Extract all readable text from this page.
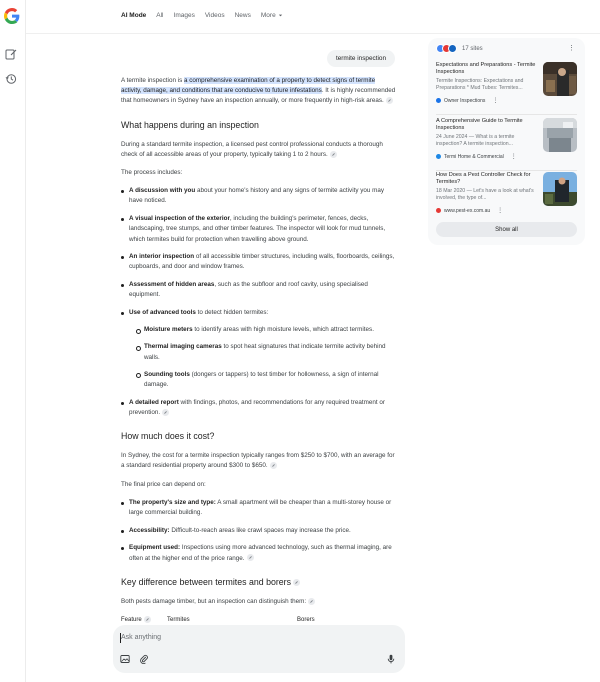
AI Mode All Images Videos News More
termite inspection

A termite inspection is a comprehensive examination of a property to detect signs of termite activity, damage, and conditions that are conducive to future infestations. It is highly recommended that homeowners in Sydney have an inspection annually, or more frequently in high-risk areas.

What happens during an inspection

During a standard termite inspection, a licensed pest control professional conducts a thorough check of all accessible areas of your property, typically taking 1 to 2 hours.

The process includes:

A discussion with you about your home's history and any signs of termite activity you may have noticed.
A visual inspection of the exterior, including the building's perimeter, fences, decks, landscaping, tree stumps, and other timber features. The inspector will look for mud tunnels, which termites build for protection when travelling above ground.
An interior inspection of all accessible timber structures, including walls, floorboards, ceilings, cupboards, and door and window frames.
Assessment of hidden areas, such as the subfloor and roof cavity, using specialised equipment.
Use of advanced tools to detect hidden termites:
Moisture meters to identify areas with high moisture levels, which attract termites.
Thermal imaging cameras to spot heat signatures that indicate termite activity behind walls.
Sounding tools (dongers or tappers) to test timber for hollowness, a sign of internal damage.
A detailed report with findings, photos, and recommendations for any required treatment or prevention.
How much does it cost?

In Sydney, the cost for a termite inspection typically ranges from $250 to $700, with an average for a standard residential property around $300 to $650.

The final price can depend on:

The property's size and type: A small apartment will be cheaper than a multi-storey house or large commercial building.
Accessibility: Difficult-to-reach areas like crawl spaces may increase the price.
Equipment used: Inspections using more advanced technology, such as thermal imaging, are often at the higher end of the price range.
Key difference between termites and borers

Both pests damage timber, but an inspection can distinguish them:

Feature	Termites	Borers
Ask anything
17 sites	⋮
Expectations and Preparations - Termite Inspections
Termite Inspections: Expectations and Preparations * Mud Tubes: Termites...
Owner Inspections ⋮
A Comprehensive Guide to Termite Inspections
24 June 2024 — What is a termite inspection? A termite inspection...
Termi Home & Commercial ⋮
How Does a Pest Controller Check for Termites?
18 Mar 2020 — Let's have a look at what's involved, the type of...
www.pest-ex.com.au ⋮
Show all
